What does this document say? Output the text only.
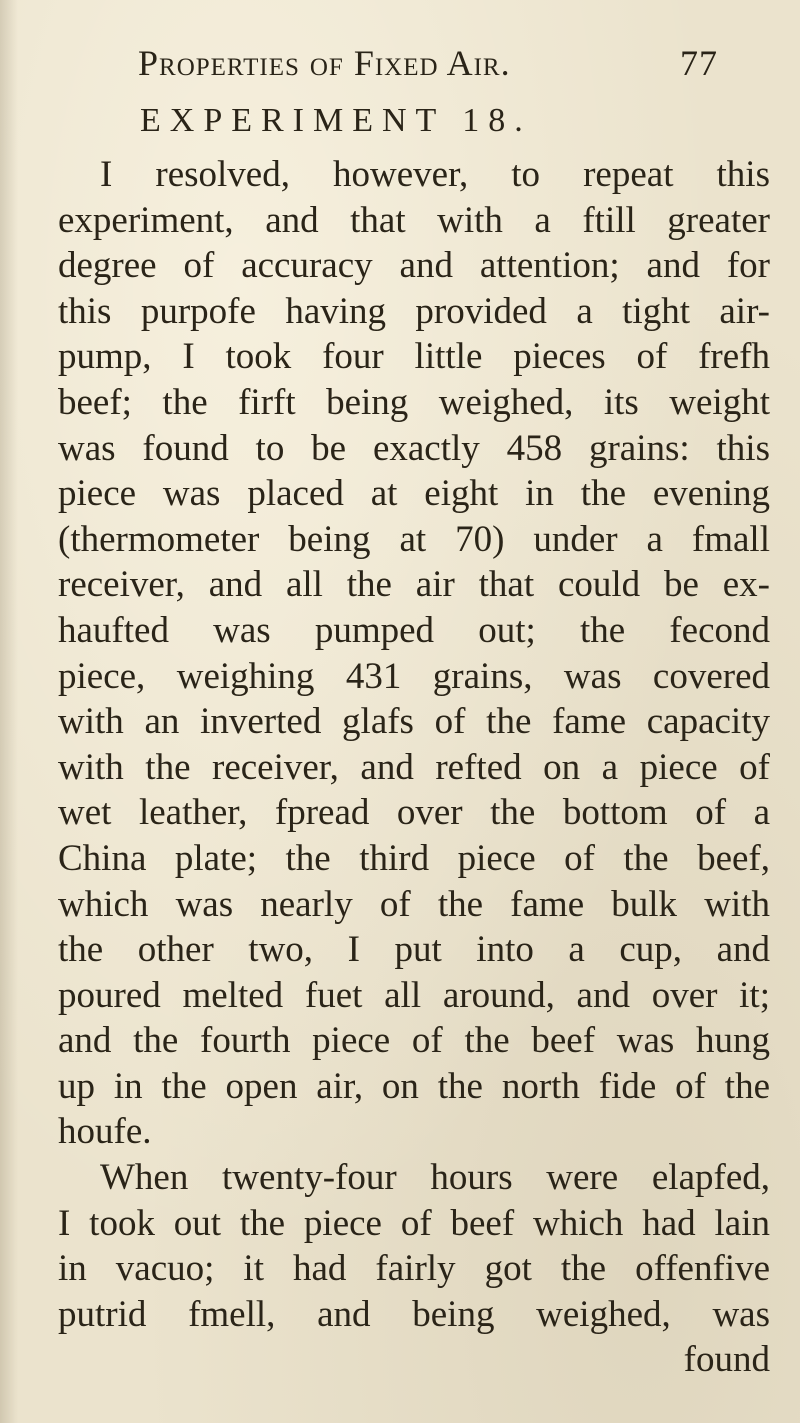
Properties of Fixed Air.	77
EXPERIMENT 18.
I resolved, however, to repeat this
experiment, and that with a ftill greater
degree of accuracy and attention; and for
this purpofe having provided a tight air-
pump, I took four little pieces of frefh
beef; the firft being weighed, its weight
was found to be exactly 458 grains: this
piece was placed at eight in the evening
(thermometer being at 70) under a fmall
receiver, and all the air that could be ex-
haufted was pumped out; the fecond
piece, weighing 431 grains, was covered
with an inverted glafs of the fame capacity
with the receiver, and refted on a piece of
wet leather, fpread over the bottom of a
China plate; the third piece of the beef,
which was nearly of the fame bulk with
the other two, I put into a cup, and
poured melted fuet all around, and over it;
and the fourth piece of the beef was hung
up in the open air, on the north fide of the
houfe.
When twenty-four hours were elapfed,
I took out the piece of beef which had lain
in vacuo; it had fairly got the offenfive
putrid fmell, and being weighed, was
found
